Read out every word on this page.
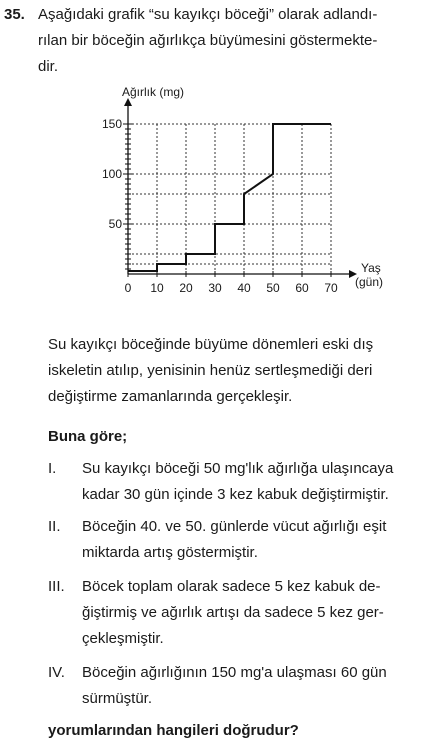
35. Aşağıdaki grafik “su kayıkçı böceği” olarak adlandı-
rılan bir böceğin ağırlıkça büyümesini göstermekte-
dir.
0 10 20 30 40 50 60 70
50
100
150
Ağırlık (mg)
Yaş
(gün)
Su kayıkçı böceğinde büyüme dönemleri eski dış
iskeletin atılıp, yenisinin henüz sertleşmediği deri
değiştirme zamanlarında gerçekleşir.
Buna göre;
I. Su kayıkçı böceği 50 mg'lık ağırlığa ulaşıncaya
kadar 30 gün içinde 3 kez kabuk değiştirmiştir.
II. Böceğin 40. ve 50. günlerde vücut ağırlığı eşit
miktarda artış göstermiştir.
III. Böcek toplam olarak sadece 5 kez kabuk de-
ğiştirmiş ve ağırlık artışı da sadece 5 kez ger-
çekleşmiştir.
IV. Böceğin ağırlığının 150 mg'a ulaşması 60 gün
sürmüştür.
yorumlarından hangileri doğrudur?
